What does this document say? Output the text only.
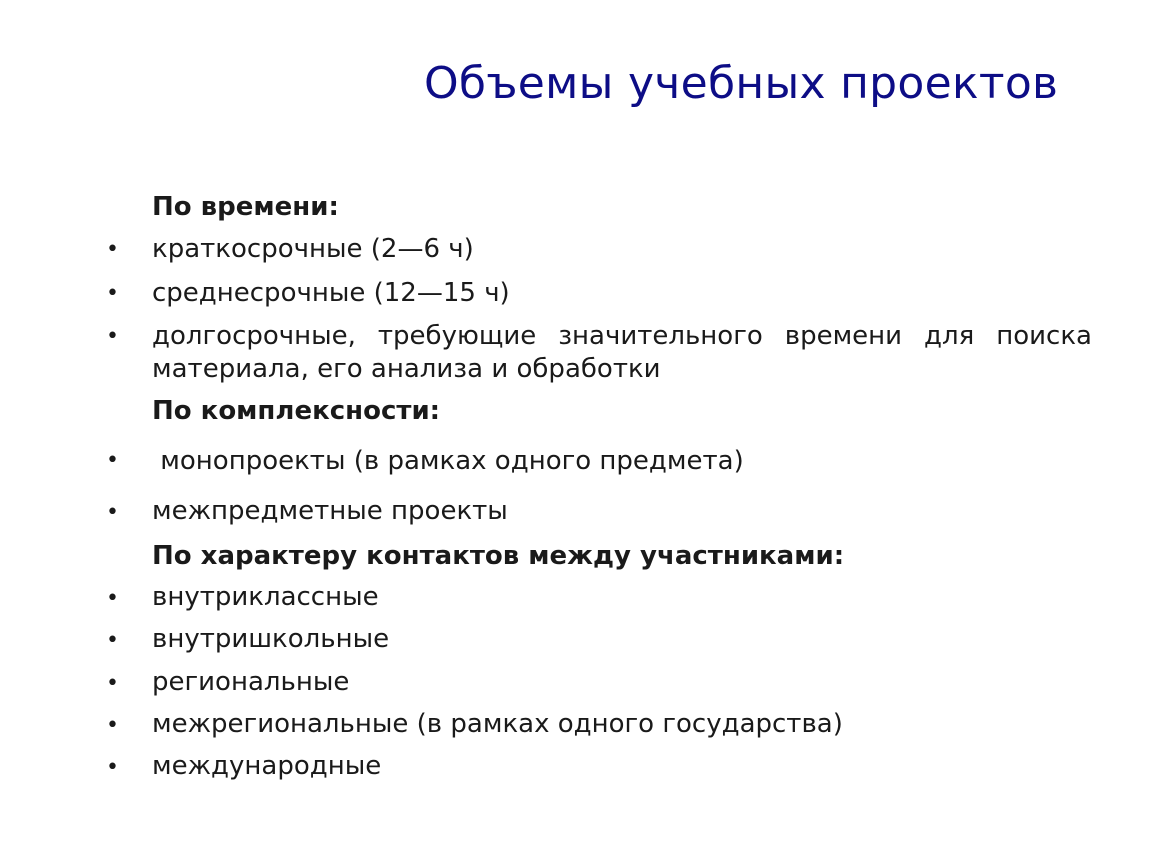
Объемы учебных проектов
По времени:
• краткосрочные (2—6 ч)
• среднесрочные (12—15 ч)
• долгосрочные, требующие значительного времени для поиска материала, его анализа и обработки
По комплексности:
• монопроекты (в рамках одного предмета)
• межпредметные проекты
По характеру контактов между участниками:
• внутриклассные
• внутришкольные
• региональные
• межрегиональные (в рамках одного государства)
• международные
